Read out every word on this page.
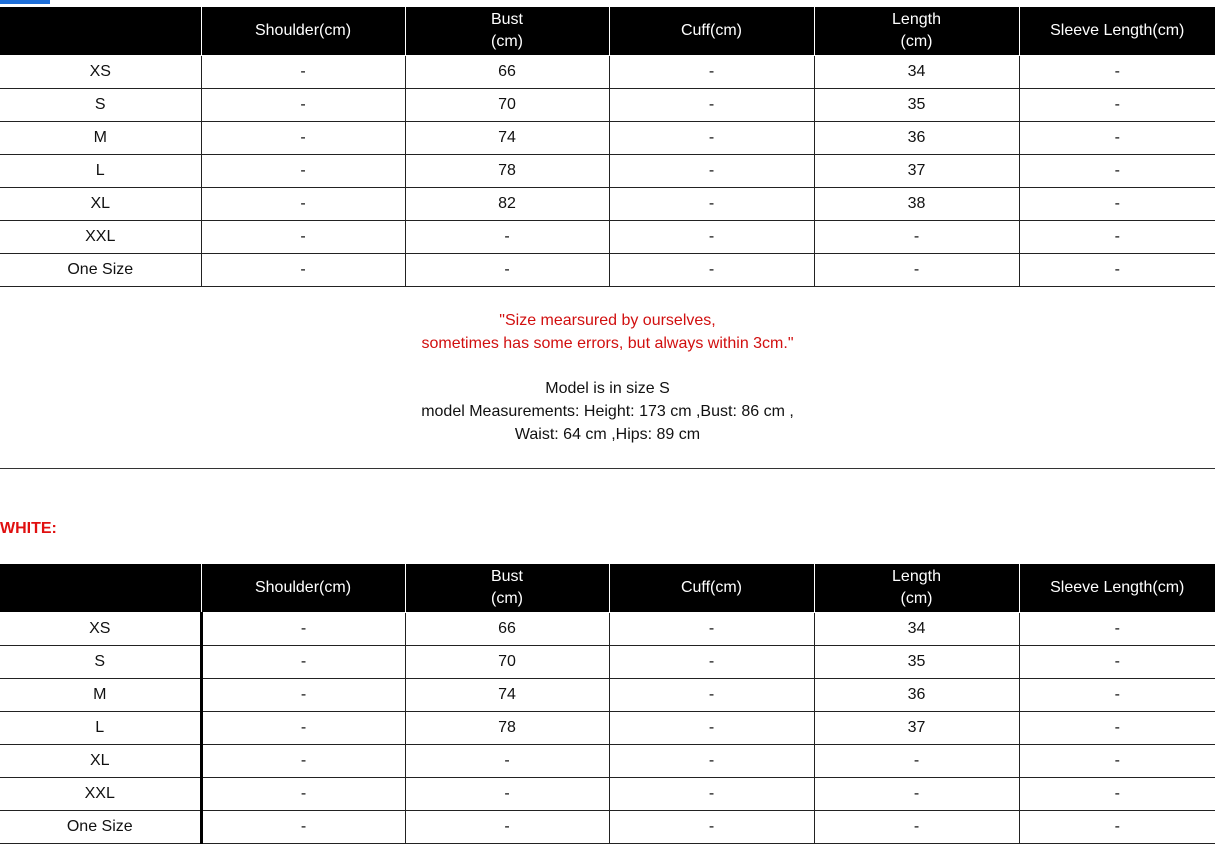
	Shoulder(cm)	Bust
(cm)	Cuff(cm)	Length
(cm)	Sleeve Length(cm)

XS	-	66	-	34	-
S	-	70	-	35	-
M	-	74	-	36	-
L	-	78	-	37	-
XL	-	82	-	38	-
XXL	-	-	-	-	-
One Size	-	-	-	-	-
"Size mearsured by ourselves,
sometimes has some errors, but always within 3cm."
Model is in size S
model Measurements: Height: 173 cm ,Bust: 86 cm ,
Waist: 64 cm ,Hips: 89 cm
WHITE:

	Shoulder(cm)	Bust
(cm)	Cuff(cm)	Length
(cm)	Sleeve Length(cm)

XS	-	66	-	34	-
S	-	70	-	35	-
M	-	74	-	36	-
L	-	78	-	37	-
XL	-	-	-	-	-
XXL	-	-	-	-	-
One Size	-	-	-	-	-
